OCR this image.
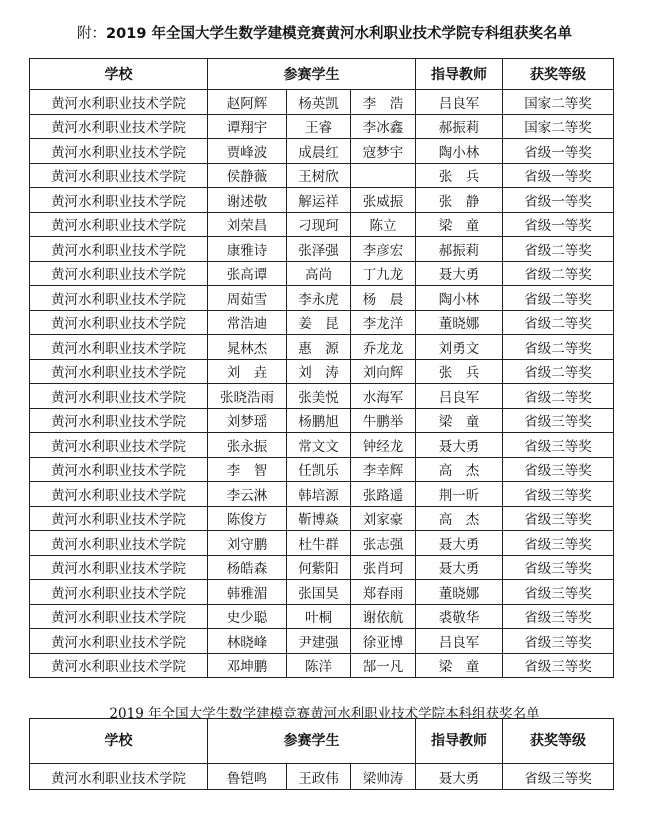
附：2019 年全国大学生数学建模竞赛黄河水利职业技术学院专科组获奖名单
学校	参赛学生			指导教师	获奖等级
黄河水利职业技术学院	赵阿辉	杨英凯	李　浩	吕良军	国家二等奖
黄河水利职业技术学院	谭翔宇	王睿	李冰鑫	郝振莉	国家二等奖
黄河水利职业技术学院	贾峰波	成晨红	寇梦宇	陶小林	省级一等奖
黄河水利职业技术学院	侯静薇	王树欣		张　兵	省级一等奖
黄河水利职业技术学院	谢述敬	解运祥	张威振	张　静	省级一等奖
黄河水利职业技术学院	刘荣昌	刁现珂	陈立	梁　童	省级一等奖
黄河水利职业技术学院	康雅诗	张泽强	李彦宏	郝振莉	省级二等奖
黄河水利职业技术学院	张高谭	高尚	丁九龙	聂大勇	省级二等奖
黄河水利职业技术学院	周茹雪	李永虎	杨　晨	陶小林	省级二等奖
黄河水利职业技术学院	常浩迪	姜　昆	李龙洋	董晓娜	省级二等奖
黄河水利职业技术学院	晁林杰	惠　源	乔龙龙	刘勇文	省级二等奖
黄河水利职业技术学院	刘　垚	刘　涛	刘向辉	张　兵	省级二等奖
黄河水利职业技术学院	张晓浩雨	张美悦	水海军	吕良军	省级二等奖
黄河水利职业技术学院	刘梦瑶	杨鹏旭	牛鹏举	梁　童	省级三等奖
黄河水利职业技术学院	张永振	常文文	钟经龙	聂大勇	省级三等奖
黄河水利职业技术学院	李　智	任凯乐	李幸辉	高　杰	省级三等奖
黄河水利职业技术学院	李云淋	韩培源	张路遥	荆一昕	省级三等奖
黄河水利职业技术学院	陈俊方	靳博焱	刘家豪	高　杰	省级三等奖
黄河水利职业技术学院	刘守鹏	杜牛群	张志强	聂大勇	省级三等奖
黄河水利职业技术学院	杨皓森	何紫阳	张肖珂	聂大勇	省级三等奖
黄河水利职业技术学院	韩雅湄	张国昊	郑春雨	董晓娜	省级三等奖
黄河水利职业技术学院	史少聪	叶桐	谢依航	裘敬华	省级三等奖
黄河水利职业技术学院	林晓峰	尹建强	徐亚博	吕良军	省级三等奖
黄河水利职业技术学院	邓坤鹏	陈洋	郜一凡	梁　童	省级三等奖
2019 年全国大学生数学建模竞赛黄河水利职业技术学院本科组获奖名单
学校	参赛学生			指导教师	获奖等级
黄河水利职业技术学院	鲁铠鸣	王政伟	梁帅涛	聂大勇	省级三等奖
